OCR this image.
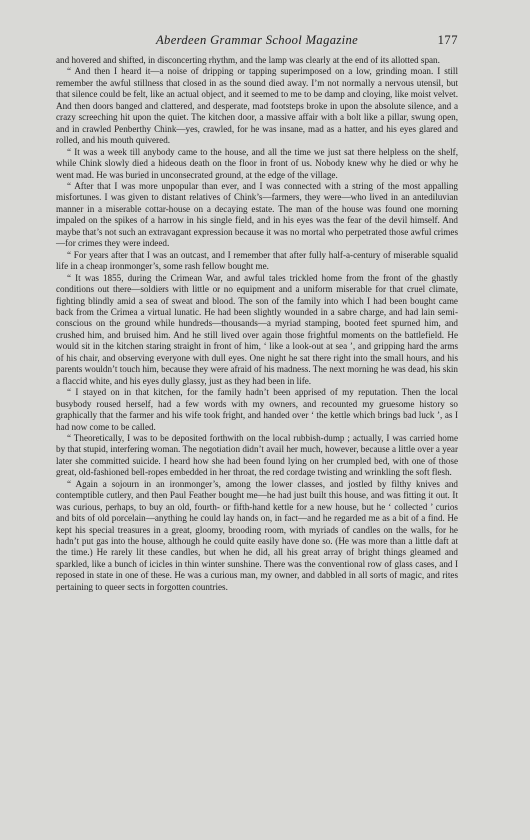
Aberdeen Grammar School Magazine	177

and hovered and shifted, in disconcerting rhythm, and the lamp was clearly at the end of its allotted span.

“ And then I heard it—a noise of dripping or tapping superimposed on a low, grinding moan. I still remember the awful stillness that closed in as the sound died away. I’m not normally a nervous utensil, but that silence could be felt, like an actual object, and it seemed to me to be damp and cloying, like moist velvet. And then doors banged and clattered, and desperate, mad footsteps broke in upon the absolute silence, and a crazy screeching hit upon the quiet. The kitchen door, a massive affair with a bolt like a pillar, swung open, and in crawled Penberthy Chink—yes, crawled, for he was insane, mad as a hatter, and his eyes glared and rolled, and his mouth quivered.

“ It was a week till anybody came to the house, and all the time we just sat there helpless on the shelf, while Chink slowly died a hideous death on the floor in front of us. Nobody knew why he died or why he went mad. He was buried in unconsecrated ground, at the edge of the village.

“ After that I was more unpopular than ever, and I was connected with a string of the most appalling misfortunes. I was given to distant relatives of Chink’s—farmers, they were—who lived in an antediluvian manner in a miserable cottar-house on a decaying estate. The man of the house was found one morning impaled on the spikes of a harrow in his single field, and in his eyes was the fear of the devil himself. And maybe that’s not such an extravagant expression because it was no mortal who perpetrated those awful crimes—for crimes they were indeed.

“ For years after that I was an outcast, and I remember that after fully half-a-century of miserable squalid life in a cheap ironmonger’s, some rash fellow bought me.

“ It was 1855, during the Crimean War, and awful tales trickled home from the front of the ghastly conditions out there—soldiers with little or no equipment and a uniform miserable for that cruel climate, fighting blindly amid a sea of sweat and blood. The son of the family into which I had been bought came back from the Crimea a virtual lunatic. He had been slightly wounded in a sabre charge, and had lain semi-conscious on the ground while hundreds—thousands—a myriad stamping, booted feet spurned him, and crushed him, and bruised him. And he still lived over again those frightful moments on the battlefield. He would sit in the kitchen staring straight in front of him, ‘ like a look-out at sea ’, and gripping hard the arms of his chair, and observing everyone with dull eyes. One night he sat there right into the small hours, and his parents wouldn’t touch him, because they were afraid of his madness. The next morning he was dead, his skin a flaccid white, and his eyes dully glassy, just as they had been in life.

“ I stayed on in that kitchen, for the family hadn’t been apprised of my reputation. Then the local busybody roused herself, had a few words with my owners, and recounted my gruesome history so graphically that the farmer and his wife took fright, and handed over ‘ the kettle which brings bad luck ’, as I had now come to be called.

“ Theoretically, I was to be deposited forthwith on the local rubbish-dump ; actually, I was carried home by that stupid, interfering woman. The negotiation didn’t avail her much, however, because a little over a year later she committed suicide. I heard how she had been found lying on her crumpled bed, with one of those great, old-fashioned bell-ropes embedded in her throat, the red cordage twisting and wrinkling the soft flesh.

“ Again a sojourn in an ironmonger’s, among the lower classes, and jostled by filthy knives and contemptible cutlery, and then Paul Feather bought me—he had just built this house, and was fitting it out. It was curious, perhaps, to buy an old, fourth- or fifth-hand kettle for a new house, but he ‘ collected ’ curios and bits of old porcelain—anything he could lay hands on, in fact—and he regarded me as a bit of a find. He kept his special treasures in a great, gloomy, brooding room, with myriads of candles on the walls, for he hadn’t put gas into the house, although he could quite easily have done so. (He was more than a little daft at the time.) He rarely lit these candles, but when he did, all his great array of bright things gleamed and sparkled, like a bunch of icicles in thin winter sunshine. There was the conventional row of glass cases, and I reposed in state in one of these. He was a curious man, my owner, and dabbled in all sorts of magic, and rites pertaining to queer sects in forgotten countries.
